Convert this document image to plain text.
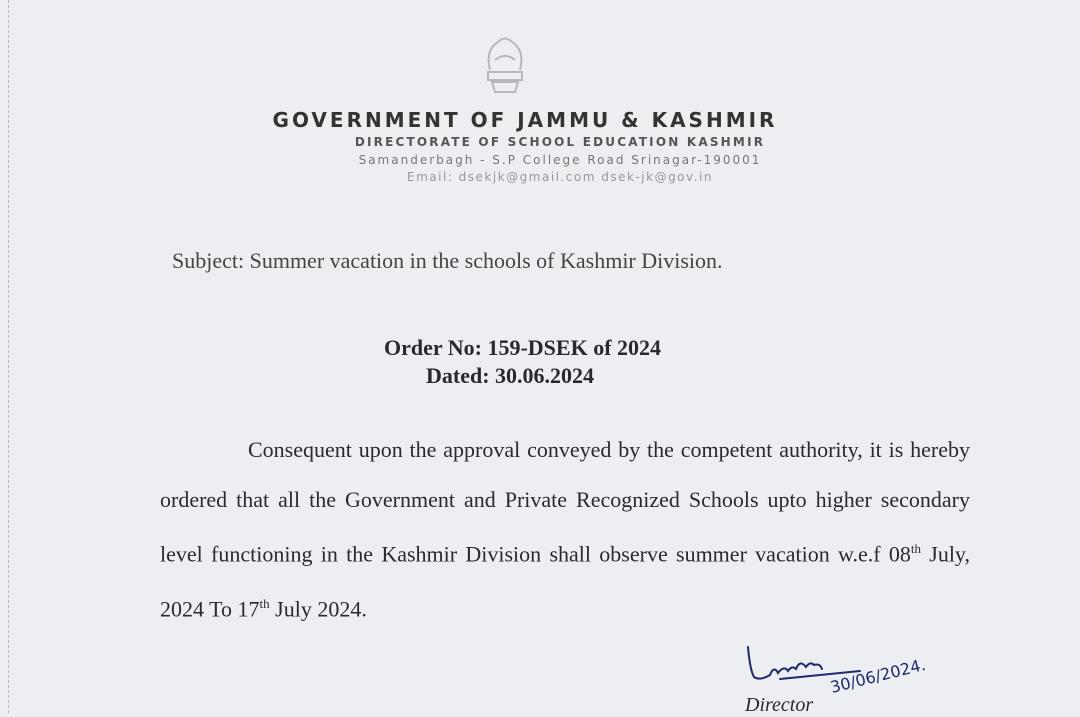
GOVERNMENT OF JAMMU & KASHMIR
DIRECTORATE OF SCHOOL EDUCATION KASHMIR
Samanderbagh - S.P College Road Srinagar-190001
Email: dsekjk@gmail.com dsek-jk@gov.in
Subject: Summer vacation in the schools of Kashmir Division.
Order No: 159-DSEK of 2024
Dated: 30.06.2024
Consequent upon the approval conveyed by the competent authority, it is hereby ordered that all the Government and Private Recognized Schools upto higher secondary level functioning in the Kashmir Division shall observe summer vacation w.e.f 08th July, 2024 To 17th July 2024.
30/06/2024.
Director
